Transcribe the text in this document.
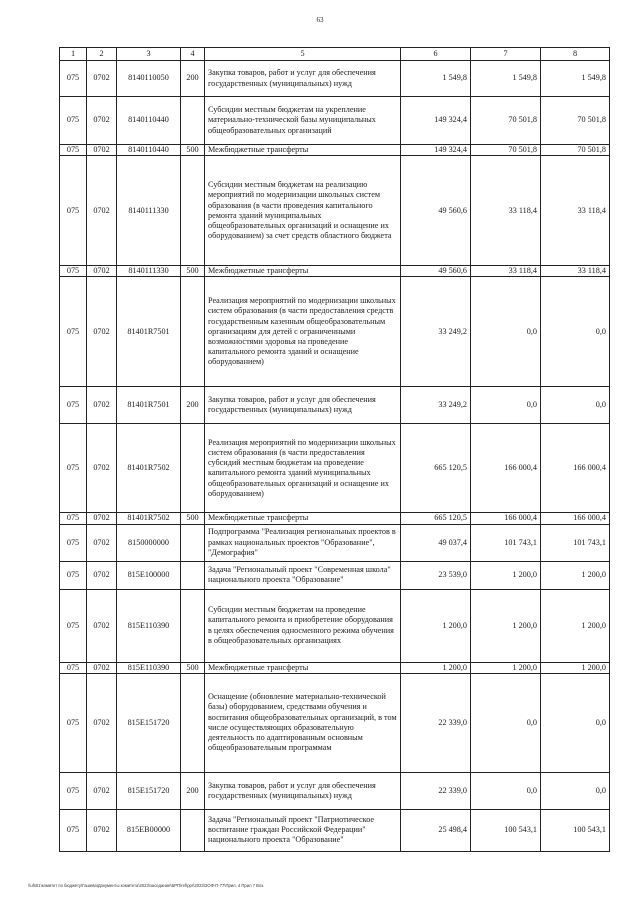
63
1	2	3	4	5	6	7	8
075	0702	8140110050	200	Закупка товаров, работ и услуг для обеспечения государственных (муниципальных) нужд	1 549,8	1 549,8	1 549,8
075	0702	8140110440		Субсидии местным бюджетам на укрепление материально-технической базы муниципальных общеобразовательных организаций	149 324,4	70 501,8	70 501,8
075	0702	8140110440	500	Межбюджетные трансферты	149 324,4	70 501,8	70 501,8
075	0702	8140111330		Субсидии местным бюджетам на реализацию мероприятий по модернизации школьных систем образования (в части проведения капитального ремонта зданий муниципальных общеобразовательных организаций и оснащение их оборудованием) за счет средств областного бюджета	49 560,6	33 118,4	33 118,4
075	0702	8140111330	500	Межбюджетные трансферты	49 560,6	33 118,4	33 118,4
075	0702	81401R7501		Реализация мероприятий по модернизации школьных систем образования (в части предоставления средств государственным казенным общеобразовательным организациям для детей с ограниченными возможностями здоровья на проведение капитального ремонта зданий и оснащение оборудованием)	33 249,2	0,0	0,0
075	0702	81401R7501	200	Закупка товаров, работ и услуг для обеспечения государственных (муниципальных) нужд	33 249,2	0,0	0,0
075	0702	81401R7502		Реализация мероприятий по модернизации школьных систем образования (в части предоставления субсидий местным бюджетам на проведение капитального ремонта зданий муниципальных общеобразовательных организаций и оснащение их оборудованием)	665 120,5	166 000,4	166 000,4
075	0702	81401R7502	500	Межбюджетные трансферты	665 120,5	166 000,4	166 000,4
075	0702	8150000000		Подпрограмма "Реализация региональных проектов в рамках национальных проектов "Образование", "Демография"	49 037,4	101 743,1	101 743,1
075	0702	815E100000		Задача "Региональный проект "Современная школа" национального проекта "Образование"	23 539,0	1 200,0	1 200,0
075	0702	815E110390		Субсидии местным бюджетам на проведение капитального ремонта и приобретение оборудования в целях обеспечения односменного режима обучения в общеобразовательных организациях	1 200,0	1 200,0	1 200,0
075	0702	815E110390	500	Межбюджетные трансферты	1 200,0	1 200,0	1 200,0
075	0702	815E151720		Оснащение (обновление материально-технической базы) оборудованием, средствами обучения и воспитания общеобразовательных организаций, в том числе осуществляющих образовательную деятельность по адаптированным основным общеобразовательным программам	22 339,0	0,0	0,0
075	0702	815E151720	200	Закупка товаров, работ и услуг для обеспечения государственных (муниципальных) нужд	22 339,0	0,0	0,0
075	0702	815EB00000		Задача "Региональный проект "Патриотическое воспитание граждан Российской Федерации" национального проекта "Образование"	25 498,4	100 543,1	100 543,1
\\ufs01\комитет по бюджету\Гашева\Документы комитета\2023\заседание\БРП\ref\ppr\2023\ЗОФ-П-77\Прил. 4 Прил 7 Воз.
